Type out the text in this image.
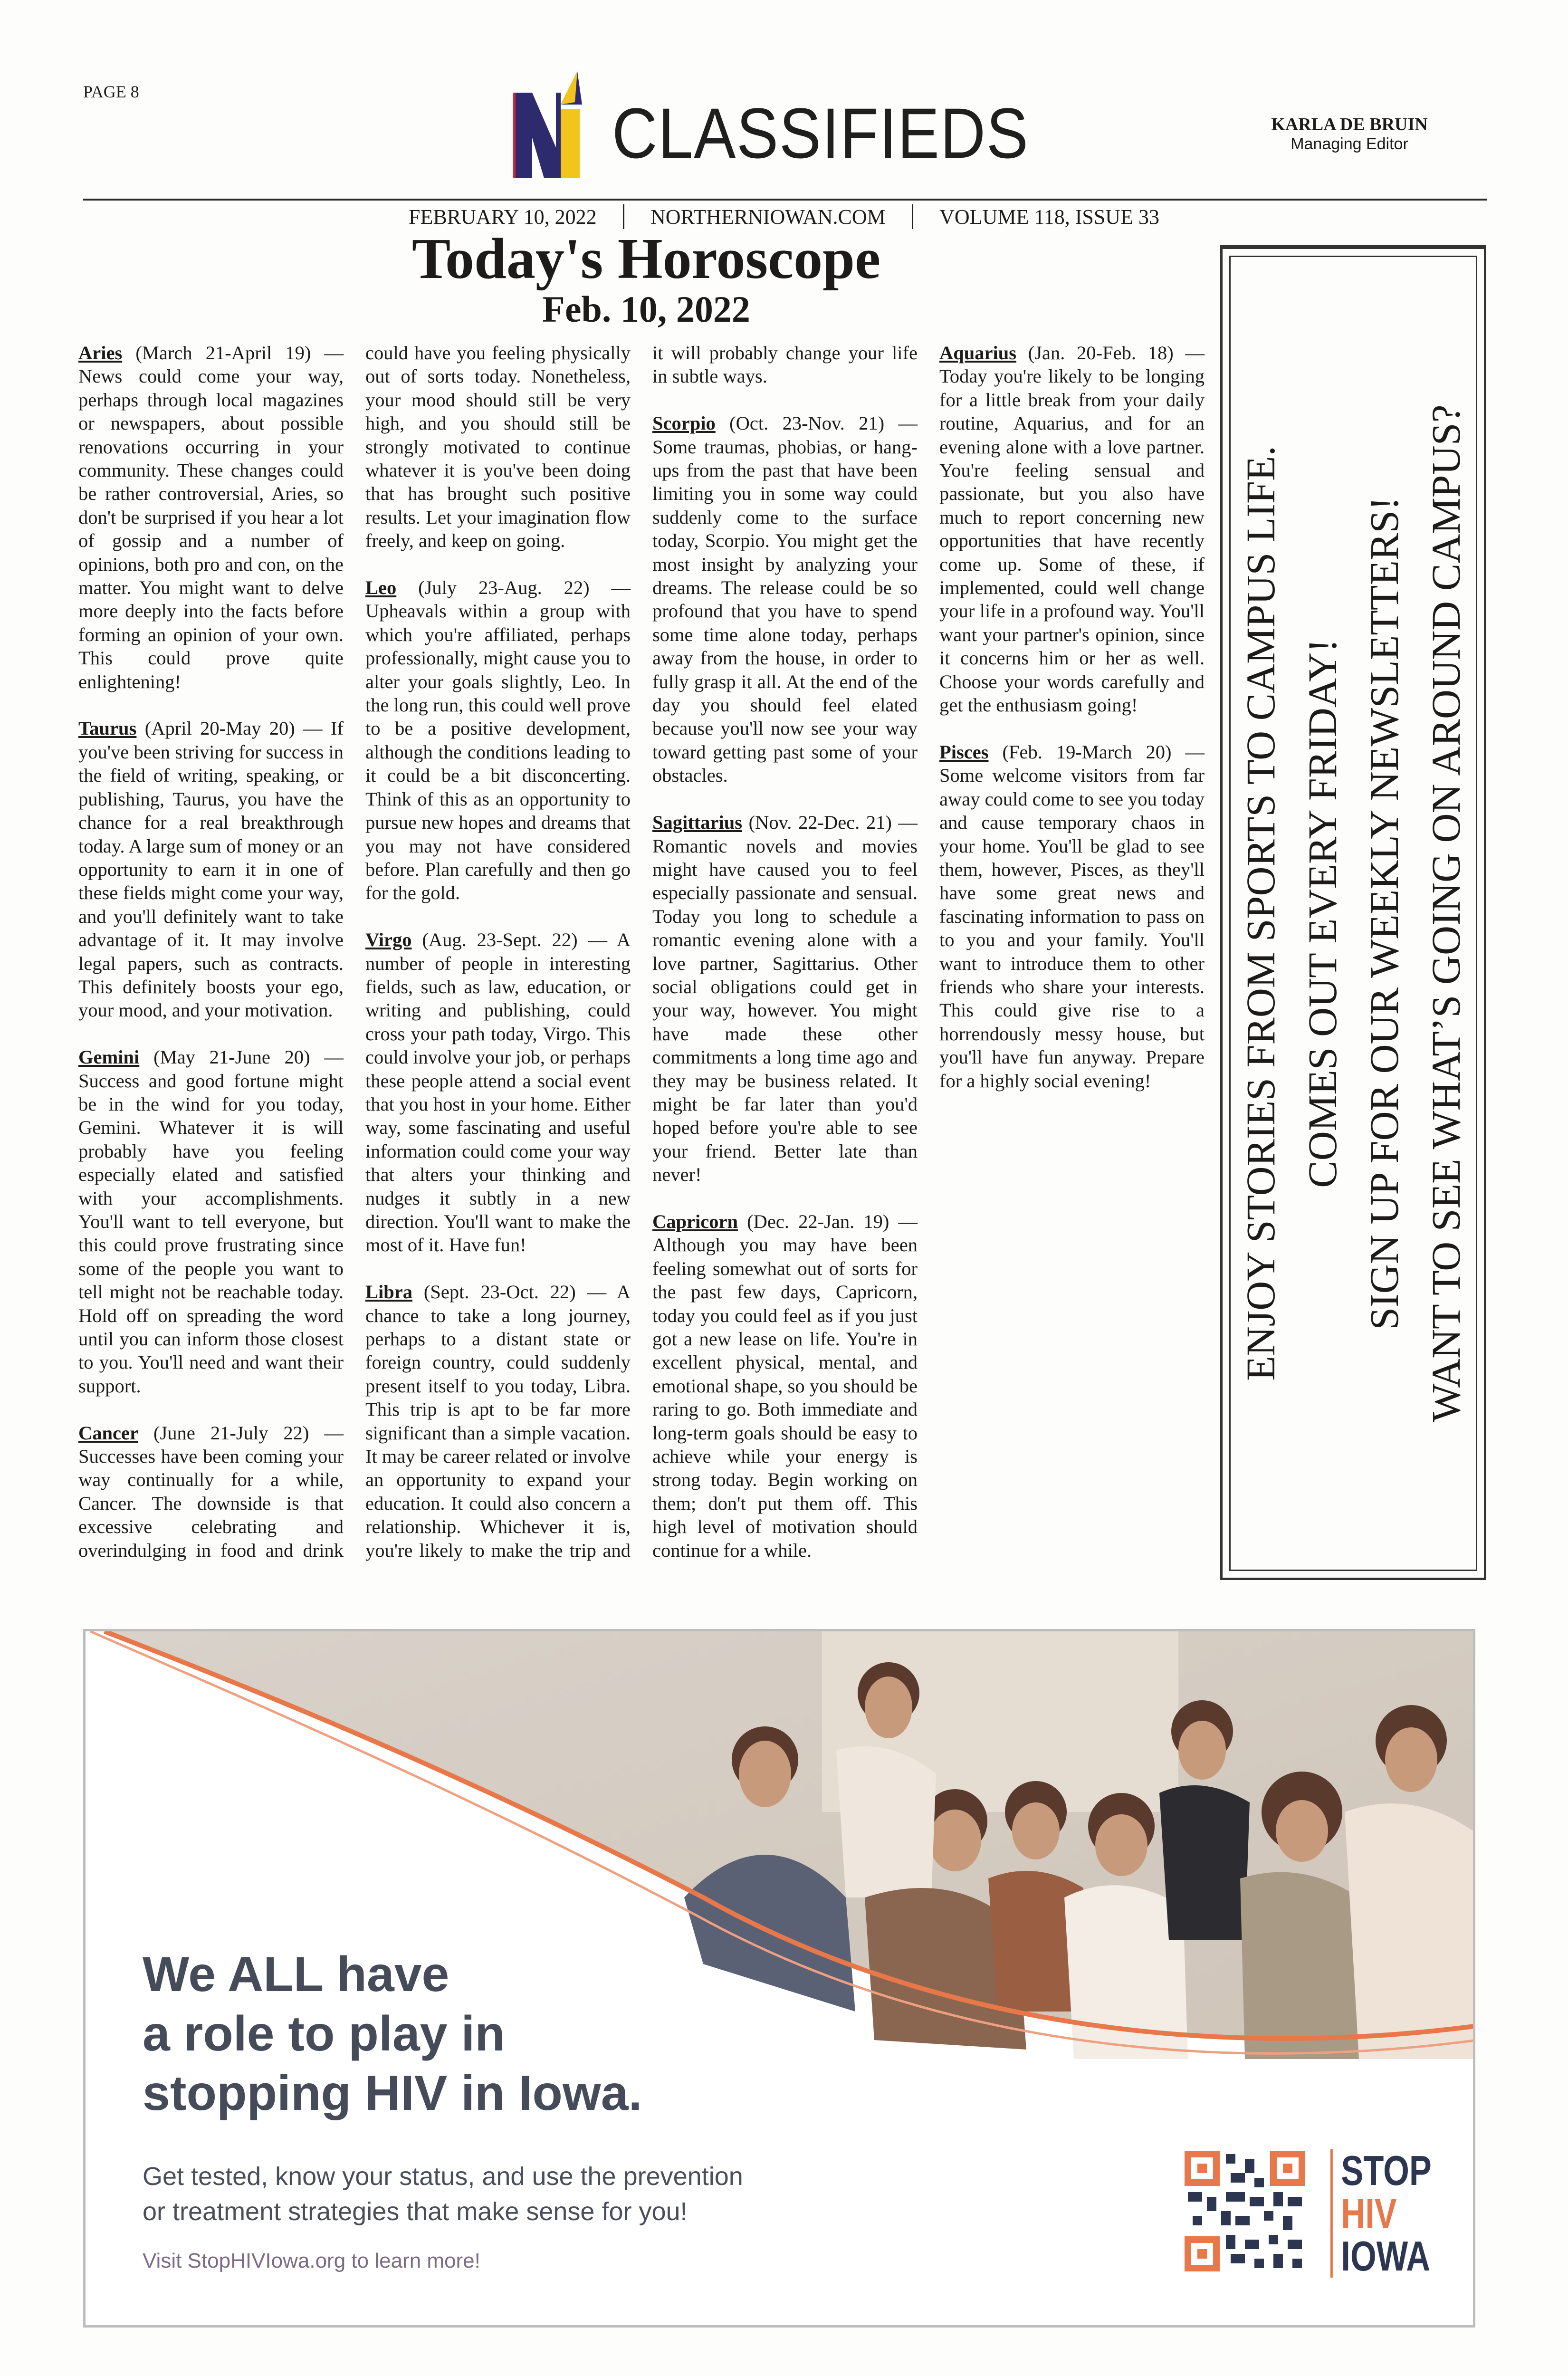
PAGE 8
CLASSIFIEDS	KARLA DE BRUIN
Managing Editor
FEBRUARY 10, 2022	NORTHERNIOWAN.COM	VOLUME 118, ISSUE 33
Today's Horoscope
Feb. 10, 2022

Aries (March 21-April 19) — News could come your way, perhaps through local magazines or newspapers, about possible renovations occurring in your community. These changes could be rather controversial, Aries, so don't be surprised if you hear a lot of gossip and a number of opinions, both pro and con, on the matter. You might want to delve more deeply into the facts before forming an opinion of your own. This could prove quite enlightening!

Taurus (April 20-May 20) — If you've been striving for success in the field of writing, speaking, or publishing, Taurus, you have the chance for a real breakthrough today. A large sum of money or an opportunity to earn it in one of these fields might come your way, and you'll definitely want to take advantage of it. It may involve legal papers, such as contracts. This definitely boosts your ego, your mood, and your motivation.

Gemini (May 21-June 20) —Success and good fortune might be in the wind for you today, Gemini. Whatever it is will probably have you feeling especially elated and satisfied with your accomplishments. You'll want to tell everyone, but this could prove frustrating since some of the people you want to tell might not be reachable today. Hold off on spreading the word until you can inform those closest to you. You'll need and want their support.

Cancer (June 21-July 22) — Successes have been coming your way continually for a while, Cancer. The downside is that excessive celebrating and overindulging in food and drink could have you feeling physically out of sorts today. Nonetheless, your mood should still be very high, and you should still be strongly motivated to continue whatever it is you've been doing that has brought such positive results. Let your imagination flow freely, and keep on going.

Leo (July 23-Aug. 22) — Upheavals within a group with which you're affiliated, perhaps professionally, might cause you to alter your goals slightly, Leo. In the long run, this could well prove to be a positive development, although the conditions leading to it could be a bit disconcerting. Think of this as an opportunity to pursue new hopes and dreams that you may not have considered before. Plan carefully and then go for the gold.

Virgo (Aug. 23-Sept. 22) — A number of people in interesting fields, such as law, education, or writing and publishing, could cross your path today, Virgo. This could involve your job, or perhaps these people attend a social event that you host in your home. Either way, some fascinating and useful information could come your way that alters your thinking and nudges it subtly in a new direction. You'll want to make the most of it. Have fun!

Libra (Sept. 23-Oct. 22) — A chance to take a long journey, perhaps to a distant state or foreign country, could suddenly present itself to you today, Libra. This trip is apt to be far more significant than a simple vacation. It may be career related or involve an opportunity to expand your education. It could also concern a relationship. Whichever it is, you're likely to make the trip and it will probably change your life in subtle ways.

Scorpio (Oct. 23-Nov. 21) — Some traumas, phobias, or hang-ups from the past that have been limiting you in some way could suddenly come to the surface today, Scorpio. You might get the most insight by analyzing your dreams. The release could be so profound that you have to spend some time alone today, perhaps away from the house, in order to fully grasp it all. At the end of the day you should feel elated because you'll now see your way toward getting past some of your obstacles.

Sagittarius (Nov. 22-Dec. 21) — Romantic novels and movies might have caused you to feel especially passionate and sensual. Today you long to schedule a romantic evening alone with a love partner, Sagittarius. Other social obligations could get in your way, however. You might have made these other commitments a long time ago and they may be business related. It might be far later than you'd hoped before you're able to see your friend. Better late than never!

Capricorn (Dec. 22-Jan. 19) — Although you may have been feeling somewhat out of sorts for the past few days, Capricorn, today you could feel as if you just got a new lease on life. You're in excellent physical, mental, and emotional shape, so you should be raring to go. Both immediate and long-term goals should be easy to achieve while your energy is strong today. Begin working on them; don't put them off. This high level of motivation should continue for a while.

Aquarius (Jan. 20-Feb. 18) — Today you're likely to be longing for a little break from your daily routine, Aquarius, and for an evening alone with a love partner. You're feeling sensual and passionate, but you also have much to report concerning new opportunities that have recently come up. Some of these, if implemented, could well change your life in a profound way. You'll want your partner's opinion, since it concerns him or her as well. Choose your words carefully and get the enthusiasm going!

Pisces (Feb. 19-March 20) — Some welcome visitors from far away could come to see you today and cause temporary chaos in your home. You'll be glad to see them, however, Pisces, as they'll have some great news and fascinating information to pass on to you and your family. You'll want to introduce them to other friends who share your interests. This could give rise to a horrendously messy house, but you'll have fun anyway. Prepare for a highly social evening!	WANT TO SEE WHAT’S GOING ON AROUND CAMPUS?
SIGN UP FOR OUR WEEKLY NEWSLETTERS!
COMES OUT EVERY FRIDAY!
ENJOY STORIES FROM SPORTS TO CAMPUS LIFE.
We ALL have
a role to play in
stopping HIV in Iowa.
Get tested, know your status, and use the prevention
or treatment strategies that make sense for you!
Visit StopHIVIowa.org to learn more!
STOP
HIV
IOWA
